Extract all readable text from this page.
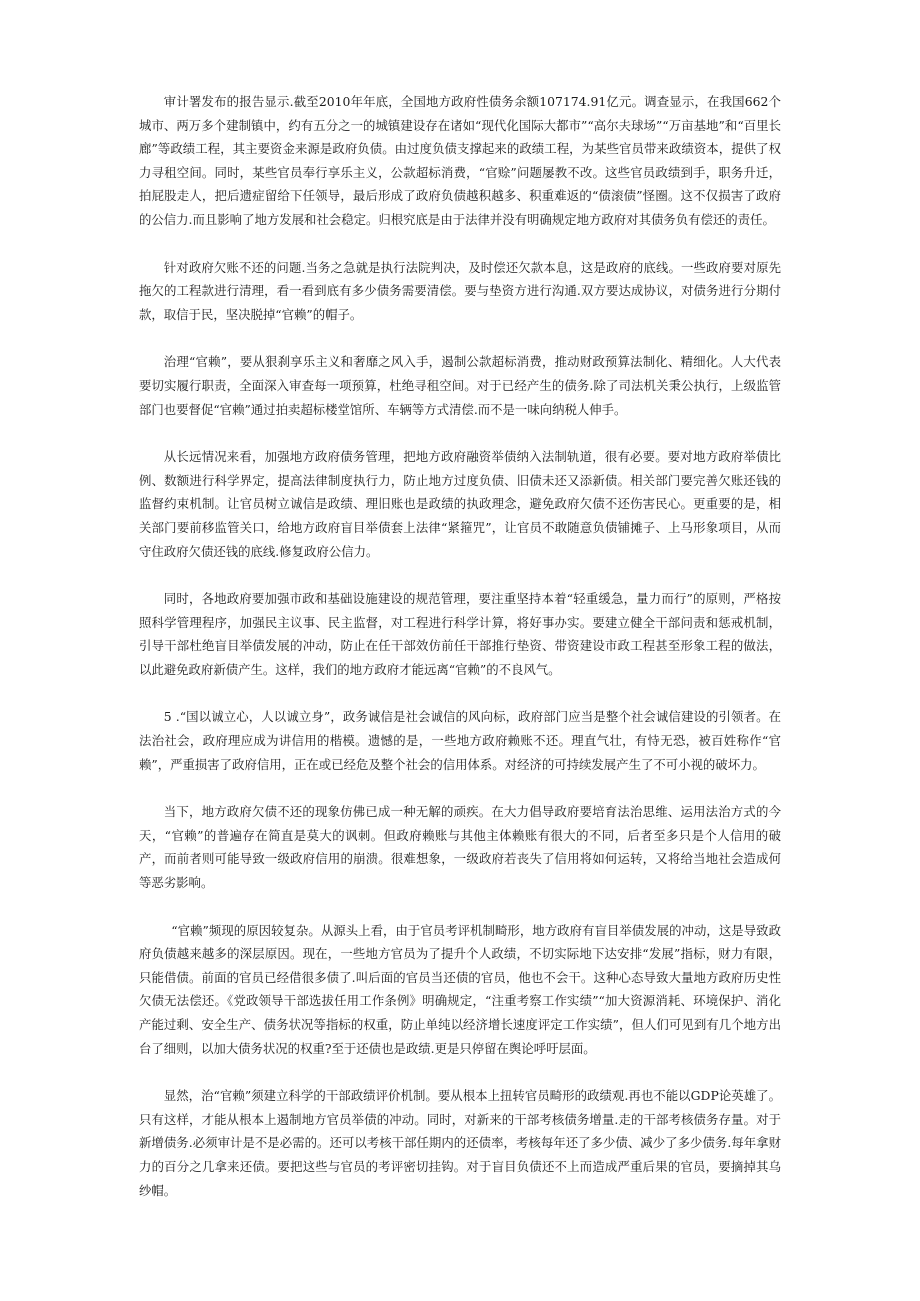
审计署发布的报告显示.截至2010年年底，全国地方政府性债务余额107174.91亿元。调查显示，在我国662个城市、两万多个建制镇中，约有五分之一的城镇建设存在诸如“现代化国际大都市”“高尔夫球场”“万亩基地”和“百里长廊”等政绩工程，其主要资金来源是政府负债。由过度负债支撑起来的政绩工程，为某些官员带来政绩资本，提供了权力寻租空间。同时，某些官员奉行享乐主义，公款超标消费，“官赊”问题屡教不改。这些官员政绩到手，职务升迁，拍屁股走人，把后遗症留给下任领导，最后形成了政府负债越积越多、积重难返的“债滚债”怪圈。这不仅损害了政府的公信力.而且影响了地方发展和社会稳定。归根究底是由于法律并没有明确规定地方政府对其债务负有偿还的责任。

针对政府欠账不还的问题.当务之急就是执行法院判决，及时偿还欠款本息，这是政府的底线。一些政府要对原先拖欠的工程款进行清理，看一看到底有多少债务需要清偿。要与垫资方进行沟通.双方要达成协议，对债务进行分期付款，取信于民，坚决脱掉“官赖”的帽子。

治理“官赖”，要从狠刹享乐主义和奢靡之风入手，遏制公款超标消费，推动财政预算法制化、精细化。人大代表要切实履行职责，全面深入审查每一项预算，杜绝寻租空间。对于已经产生的债务.除了司法机关秉公执行，上级监管部门也要督促“官赖”通过拍卖超标楼堂馆所、车辆等方式清偿.而不是一味向纳税人伸手。

从长远情况来看，加强地方政府债务管理，把地方政府融资举债纳入法制轨道，很有必要。要对地方政府举债比例、数额进行科学界定，提高法律制度执行力，防止地方过度负债、旧债未还又添新债。相关部门要完善欠账还钱的监督约束机制。让官员树立诚信是政绩、理旧账也是政绩的执政理念，避免政府欠债不还伤害民心。更重要的是，相关部门要前移监管关口，给地方政府盲目举债套上法律“紧箍咒”，让官员不敢随意负债铺摊子、上马形象项目，从而守住政府欠债还钱的底线.修复政府公信力。

同时，各地政府要加强市政和基础设施建设的规范管理，要注重坚持本着“轻重缓急，量力而行”的原则，严格按照科学管理程序，加强民主议事、民主监督，对工程进行科学计算，将好事办实。要建立健全干部问责和惩戒机制，引导干部杜绝盲目举债发展的冲动，防止在任干部效仿前任干部推行垫资、带资建设市政工程甚至形象工程的做法，以此避免政府新债产生。这样，我们的地方政府才能远离“官赖”的不良风气。

5 .“国以诚立心，人以诚立身”，政务诚信是社会诚信的风向标，政府部门应当是整个社会诚信建设的引领者。在法治社会，政府理应成为讲信用的楷模。遗憾的是，一些地方政府赖账不还。理直气壮，有恃无恐，被百姓称作“官赖”，严重损害了政府信用，正在或已经危及整个社会的信用体系。对经济的可持续发展产生了不可小视的破坏力。

当下，地方政府欠债不还的现象仿佛已成一种无解的顽疾。在大力倡导政府要培育法治思维、运用法治方式的今天，“官赖”的普遍存在简直是莫大的讽刺。但政府赖账与其他主体赖账有很大的不同，后者至多只是个人信用的破产，而前者则可能导致一级政府信用的崩溃。很难想象，一级政府若丧失了信用将如何运转，又将给当地社会造成何等恶劣影响。

“官赖”频现的原因较复杂。从源头上看，由于官员考评机制畸形，地方政府有盲目举债发展的冲动，这是导致政府负债越来越多的深层原因。现在，一些地方官员为了提升个人政绩，不切实际地下达安排“发展”指标，财力有限，只能借债。前面的官员已经借很多债了.叫后面的官员当还债的官员，他也不会干。这种心态导致大量地方政府历史性欠债无法偿还。《党政领导干部选拔任用工作条例》明确规定，“注重考察工作实绩”“加大资源消耗、环境保护、消化产能过剩、安全生产、债务状况等指标的权重，防止单纯以经济增长速度评定工作实绩”，但人们可见到有几个地方出台了细则，以加大债务状况的权重?至于还债也是政绩.更是只停留在舆论呼吁层面。

显然，治“官赖”须建立科学的干部政绩评价机制。要从根本上扭转官员畸形的政绩观.再也不能以GDP论英雄了。只有这样，才能从根本上遏制地方官员举债的冲动。同时，对新来的干部考核债务增量.走的干部考核债务存量。对于新增债务.必须审计是不是必需的。还可以考核干部任期内的还债率，考核每年还了多少债、减少了多少债务.每年拿财力的百分之几拿来还债。要把这些与官员的考评密切挂钩。对于盲目负债还不上而造成严重后果的官员，要摘掉其乌纱帽。
